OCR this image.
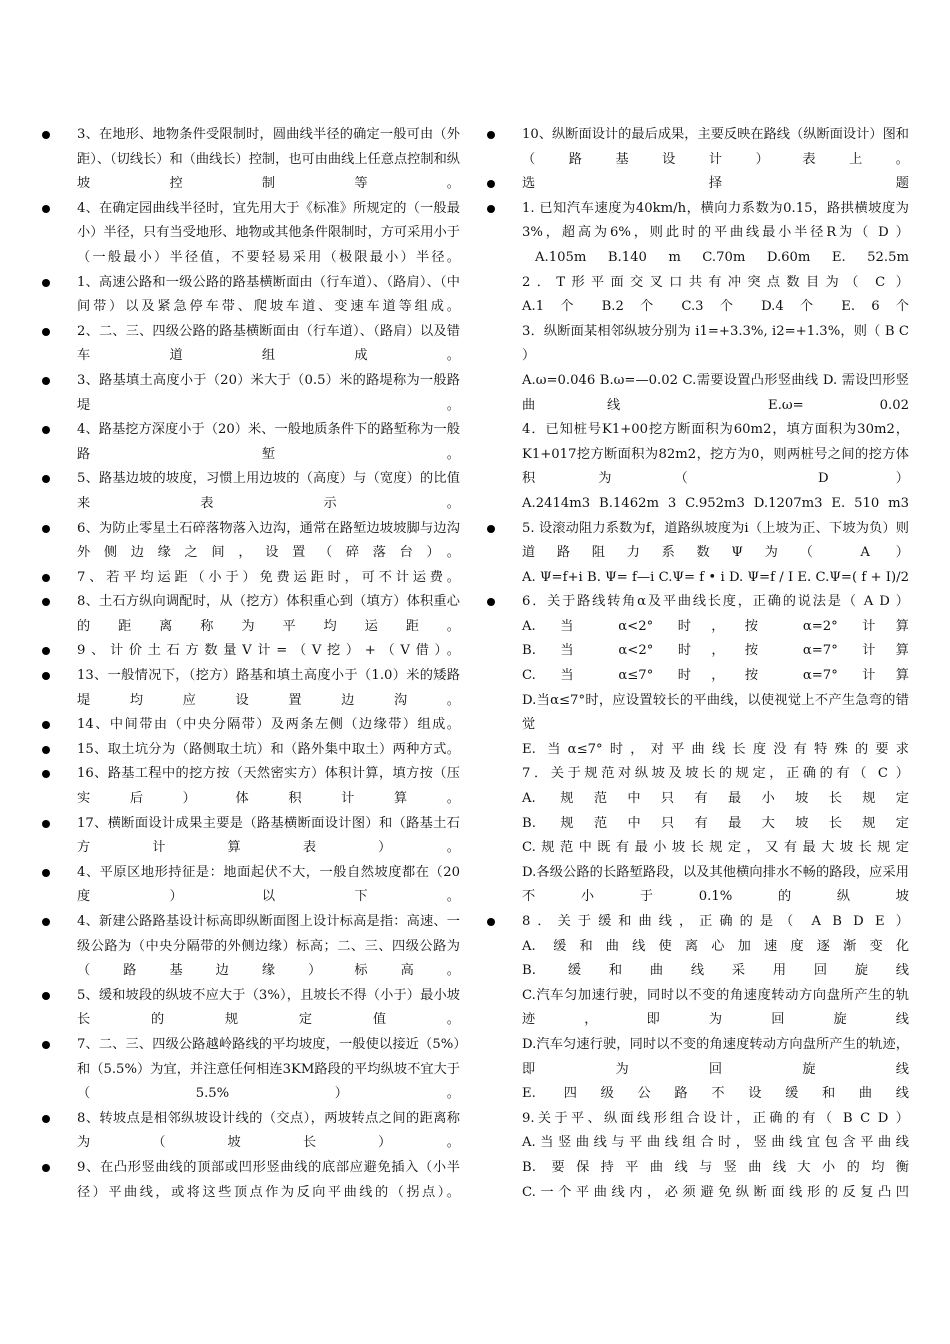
3、在地形、地物条件受限制时，圆曲线半径的确定一般可由（外距）、（切线长）和（曲线长）控制，也可由曲线上任意点控制和纵坡控制等。
4、在确定园曲线半径时，宜先用大于《标准》所规定的（一般最小）半径，只有当受地形、地物或其他条件限制时，方可采用小于（一般最小）半径值，不要轻易采用（极限最小）半径。
1、高速公路和一级公路的路基横断面由（行车道）、（路肩）、（中间带）以及紧急停车带、爬坡车道、变速车道等组成。
2、二、三、四级公路的路基横断面由（行车道）、（路肩）以及错车道组成。
3、路基填土高度小于（20）米大于（0.5）米的路堤称为一般路堤。
4、路基挖方深度小于（20）米、一般地质条件下的路堑称为一般路堑。
5、路基边坡的坡度，习惯上用边坡的（高度）与（宽度）的比值来表示。
6、为防止零星土石碎落物落入边沟，通常在路堑边坡坡脚与边沟外侧边缘之间，设置（碎落台）。
7、若平均运距（小于）免费运距时，可不计运费。
8、土石方纵向调配时，从（挖方）体积重心到（填方）体积重心的距离称为平均运距。
9、计价土石方数量V计=（V挖）+（V借）。
13、一般情况下，（挖方）路基和填土高度小于（1.0）米的矮路堤均应设置边沟。
14、中间带由（中央分隔带）及两条左侧（边缘带）组成。
15、取土坑分为（路侧取土坑）和（路外集中取土）两种方式。
16、路基工程中的挖方按（天然密实方）体积计算，填方按（压实后）体积计算。
17、横断面设计成果主要是（路基横断面设计图）和（路基土石方计算表）。
4、平原区地形持征是：地面起伏不大，一般自然坡度都在（20度）以下。
4、新建公路路基设计标高即纵断面图上设计标高是指：高速、一级公路为（中央分隔带的外侧边缘）标高；二、三、四级公路为（路基边缘）标高。
5、缓和坡段的纵坡不应大于（3%），且坡长不得（小于）最小坡长的规定值。
7、二、三、四级公路越岭路线的平均坡度，一般使以接近（5%）和（5.5%）为宜，并注意任何相连3KM路段的平均纵坡不宜大于（5.5%）。
8、转坡点是相邻纵坡设计线的（交点），两坡转点之间的距离称为（坡长）。
9、在凸形竖曲线的顶部或凹形竖曲线的底部应避免插入（小半径）平曲线，或将这些顶点作为反向平曲线的（拐点）。
10、纵断面设计的最后成果，主要反映在路线（纵断面设计）图和（路基设计）表上。
选择题
1. 已知汽车速度为40km/h，横向力系数为0.15，路拱横坡度为3%，超高为6%，则此时的平曲线最小半径R为（ D ）
A.105m B.140 m C.70m D.60m E. 52.5m
2．T形平面交叉口共有冲突点数目为（ C ）
A.1 个 B.2 个 C.3 个 D.4 个 E. 6 个
3．纵断面某相邻纵坡分别为 i1=+3.3%, i2=+1.3%，则（ B C ）
A.ω=0.046 B.ω=—0.02 C.需要设置凸形竖曲线 D. 需设凹形竖曲线 E.ω= 0.02
4．已知桩号K1+00挖方断面积为60m2，填方面积为30m2，K1+017挖方断面积为82m2，挖方为0，则两桩号之间的挖方体积为（ D ）
A.2414m3 B.1462m 3 C.952m3 D.1207m3 E. 510 m3
5. 设滚动阻力系数为f，道路纵坡度为i（上坡为正、下坡为负）则道路阻力系数Ψ为（ A ）
A. Ψ=f+i B. Ψ= f—i C.Ψ= f • i D. Ψ=f / I E. C.Ψ=( f + I)/2
6．关于路线转角α及平曲线长度，正确的说法是（ A D ）
A. 当 α<2° 时，按 α=2° 计算
B. 当 α<2° 时，按 α=7° 计算
C. 当 α≤7° 时，按 α=7° 计算
D.当α≤7°时，应设置较长的平曲线，以使视觉上不产生急弯的错觉
E. 当α≤7°时，对平曲线长度没有特殊的要求
7．关于规范对纵坡及坡长的规定，正确的有（ C ）
A. 规范中只有最小坡长规定
B. 规范中只有最大坡长规定
C.规范中既有最小坡长规定，又有最大坡长规定
D.各级公路的长路堑路段，以及其他横向排水不畅的路段，应采用不小于0.1%的纵坡
8．关于缓和曲线，正确的是（ A B D E ）
A. 缓和曲线使离心加速度逐渐变化
B. 缓和曲线采用回旋线
C.汽车匀加速行驶，同时以不变的角速度转动方向盘所产生的轨迹，即为回旋线
D.汽车匀速行驶，同时以不变的角速度转动方向盘所产生的轨迹，即为回旋线
E. 四级公路不设缓和曲线
9.关于平、纵面线形组合设计，正确的有（ B C D ）
A.当竖曲线与平曲线组合时，竖曲线宜包含平曲线
B. 要保持平曲线与竖曲线大小的均衡
C.一个平曲线内，必须避免纵断面线形的反复凸凹
